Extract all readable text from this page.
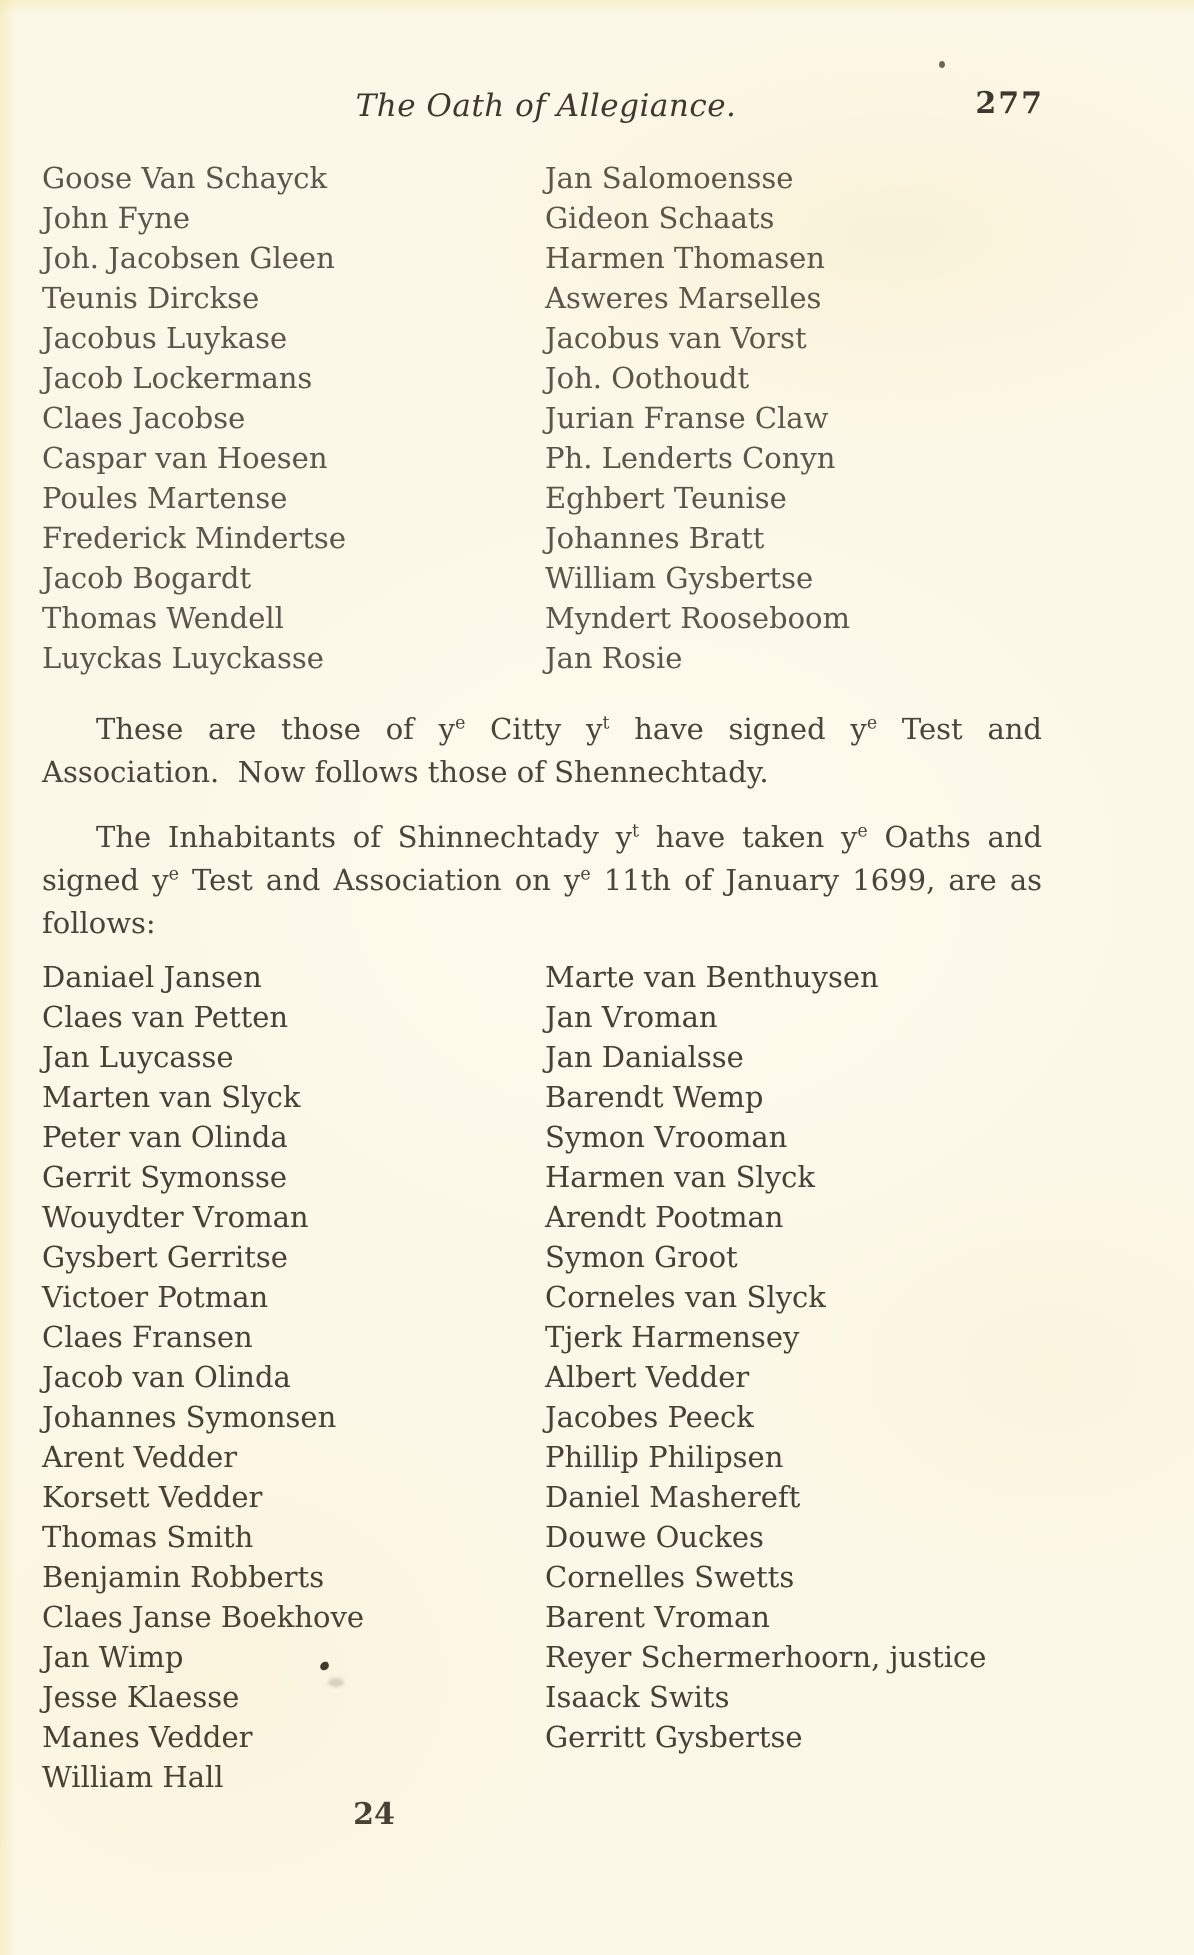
The Oath of Allegiance.	277
Goose Van Schayck
John Fyne
Joh. Jacobsen Gleen
Teunis Dirckse
Jacobus Luykase
Jacob Lockermans
Claes Jacobse
Caspar van Hoesen
Poules Martense
Frederick Mindertse
Jacob Bogardt
Thomas Wendell
Luyckas Luyckasse
Jan Salomoensse
Gideon Schaats
Harmen Thomasen
Asweres Marselles
Jacobus van Vorst
Joh. Oothoudt
Jurian Franse Claw
Ph. Lenderts Conyn
Eghbert Teunise
Johannes Bratt
William Gysbertse
Myndert Rooseboom
Jan Rosie

These are those of $y^e$ Citty $y^t$ have signed $y^e$ Test and Association.  Now follows those of Shennechtady.

The Inhabitants of Shinnechtady $y^t$ have taken $y^e$ Oaths and signed $y^e$ Test and Association on $y^e$ 11th of January 1699, are as follows:

Daniael Jansen
Claes van Petten
Jan Luycasse
Marten van Slyck
Peter van Olinda
Gerrit Symonsse
Wouydter Vroman
Gysbert Gerritse
Victoer Potman
Claes Fransen
Jacob van Olinda
Johannes Symonsen
Arent Vedder
Korsett Vedder
Thomas Smith
Benjamin Robberts
Claes Janse Boekhove
Jan Wimp
Jesse Klaesse
Manes Vedder
William Hall
Marte van Benthuysen
Jan Vroman
Jan Danialsse
Barendt Wemp
Symon Vrooman
Harmen van Slyck
Arendt Pootman
Symon Groot
Corneles van Slyck
Tjerk Harmensey
Albert Vedder
Jacobes Peeck
Phillip Philipsen
Daniel Mashereft
Douwe Ouckes
Cornelles Swetts
Barent Vroman
Reyer Schermerhoorn, justice
Isaack Swits
Gerritt Gysbertse
24
